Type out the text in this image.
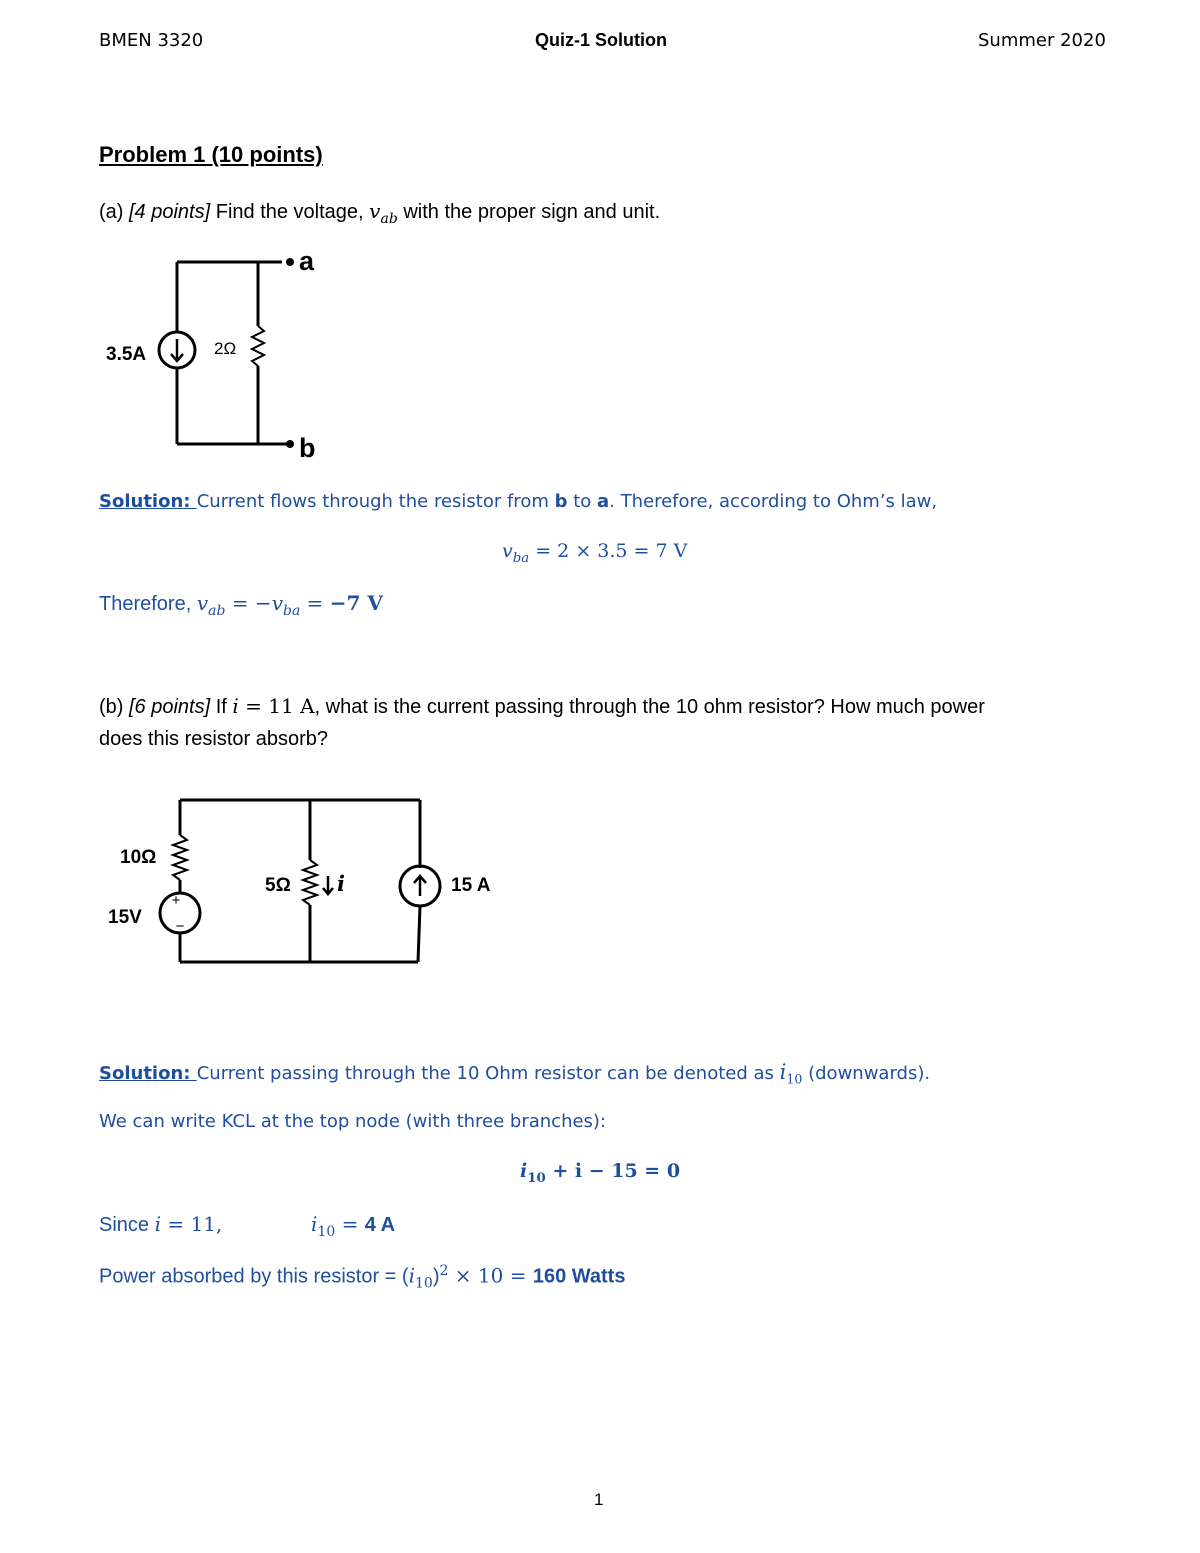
BMEN 3320	Quiz-1 Solution	Summer 2020
Problem 1 (10 points)
(a) [4 points] Find the voltage, $v_{ab}$ with the proper sign and unit.
3.5A	2Ω
a
b
Solution: Current flows through the resistor from b to a. Therefore, according to Ohm’s law,
$v_{ba} = 2 \times 3.5 = 7$ V
Therefore, $v_{ab} = -v_{ba} = -7$ V
(b) [6 points] If i = 11 A, what is the current passing through the 10 ohm resistor? How much power
does this resistor absorb?
10Ω
15V
+
−
5Ω i	15 A
Solution: Current passing through the 10 Ohm resistor can be denoted as $i_{10}$ (downwards).
We can write KCL at the top node (with three branches):
$i_{10} + i - 15 = 0$
Since i = 11,	$i_{10} = 4$ A
Power absorbed by this resistor = $(i_{10})^2 \times 10 = 160$ Watts
1
